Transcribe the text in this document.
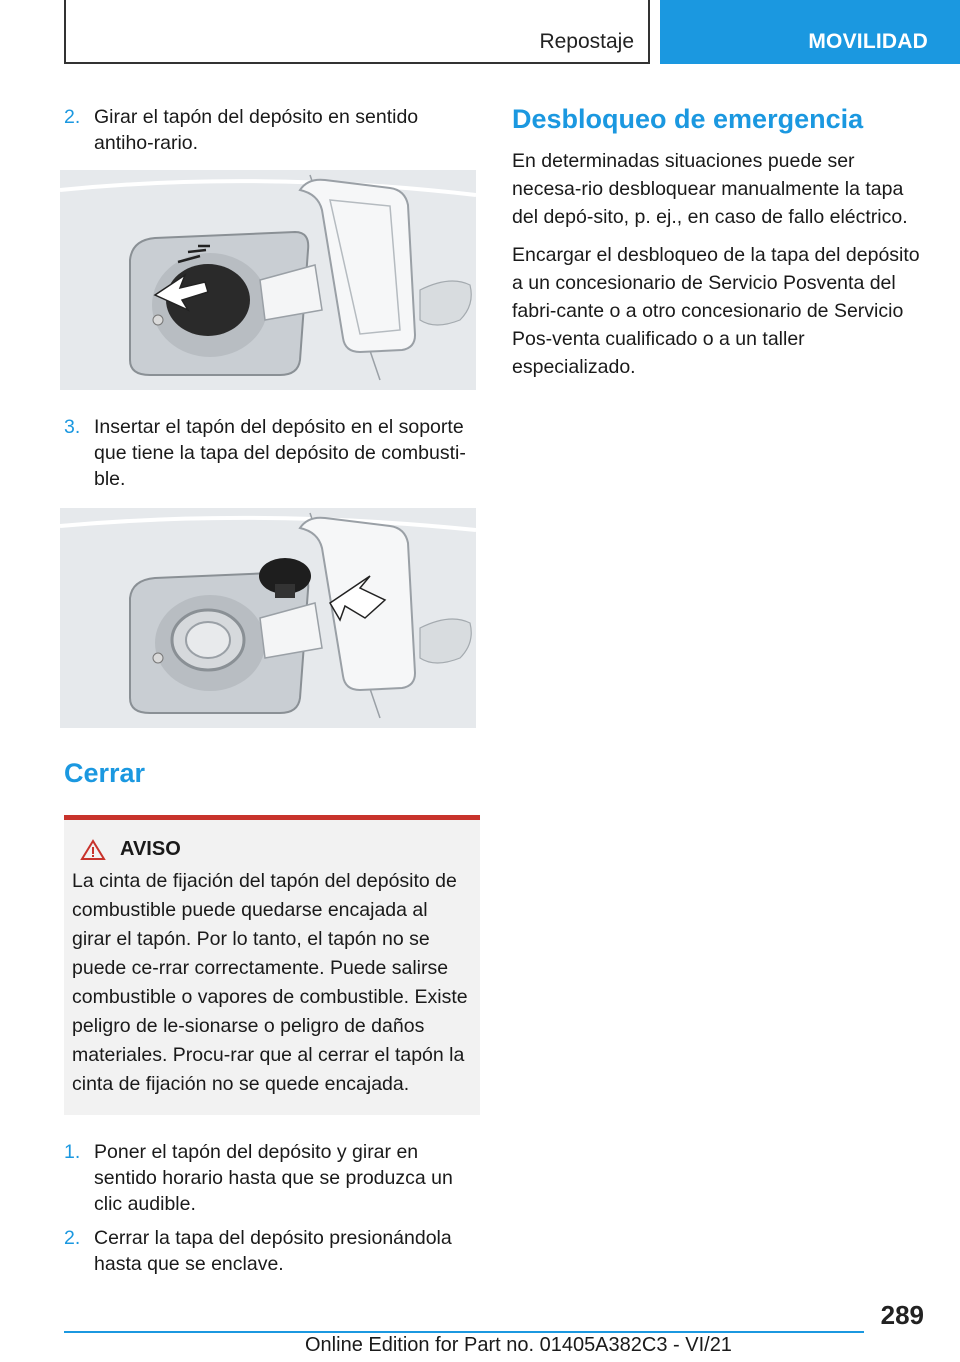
Repostaje	MOVILIDAD

2. Girar el tapón del depósito en sentido antiho-rario.

3. Insertar el tapón del depósito en el soporte que tiene la tapa del depósito de combusti-ble.

Cerrar
AVISO
La cinta de fijación del tapón del depósito de combustible puede quedarse encajada al girar el tapón. Por lo tanto, el tapón no se puede ce-rrar correctamente. Puede salirse combustible o vapores de combustible. Existe peligro de le-sionarse o peligro de daños materiales. Procu-rar que al cerrar el tapón la cinta de fijación no se quede encajada.

1. Poner el tapón del depósito y girar en sentido horario hasta que se produzca un clic audible.

2. Cerrar la tapa del depósito presionándola hasta que se enclave.

Desbloqueo de emergencia

En determinadas situaciones puede ser necesa-rio desbloquear manualmente la tapa del depó-sito, p. ej., en caso de fallo eléctrico.

Encargar el desbloqueo de la tapa del depósito a un concesionario de Servicio Posventa del fabri-cante o a otro concesionario de Servicio Pos-venta cualificado o a un taller especializado.

289
Online Edition for Part no. 01405A382C3 - VI/21
